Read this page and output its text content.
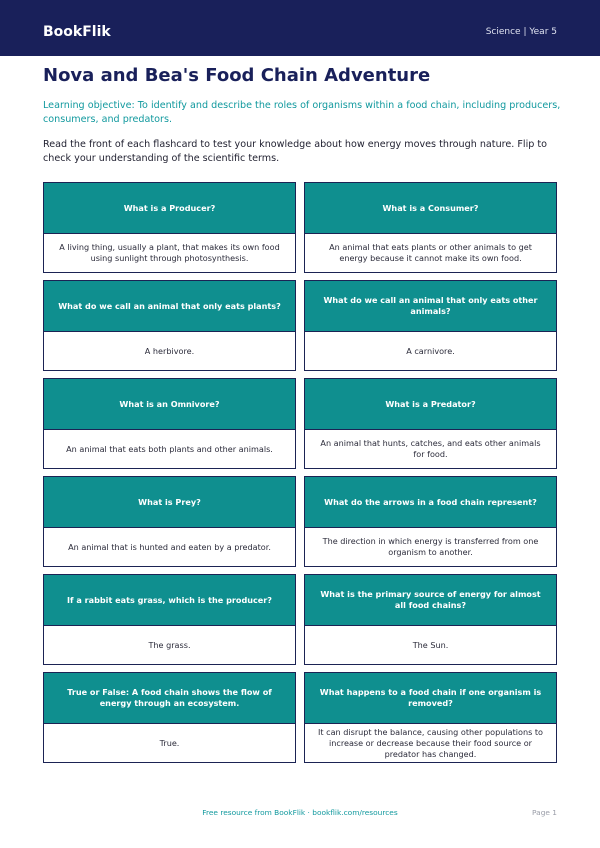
BookFlik	Science | Year 5
Nova and Bea's Food Chain Adventure
Learning objective: To identify and describe the roles of organisms within a food chain, including producers, consumers, and predators.
Read the front of each flashcard to test your knowledge about how energy moves through nature. Flip to check your understanding of the scientific terms.
What is a Producer?
A living thing, usually a plant, that makes its own food using sunlight through photosynthesis.
What is a Consumer?
An animal that eats plants or other animals to get energy because it cannot make its own food.
What do we call an animal that only eats plants?
A herbivore.
What do we call an animal that only eats other animals?
A carnivore.
What is an Omnivore?
An animal that eats both plants and other animals.
What is a Predator?
An animal that hunts, catches, and eats other animals for food.
What is Prey?
An animal that is hunted and eaten by a predator.
What do the arrows in a food chain represent?
The direction in which energy is transferred from one organism to another.
If a rabbit eats grass, which is the producer?
The grass.
What is the primary source of energy for almost all food chains?
The Sun.
True or False: A food chain shows the flow of energy through an ecosystem.
True.
What happens to a food chain if one organism is removed?
It can disrupt the balance, causing other populations to increase or decrease because their food source or predator has changed.
Free resource from BookFlik · bookflik.com/resources	Page 1
